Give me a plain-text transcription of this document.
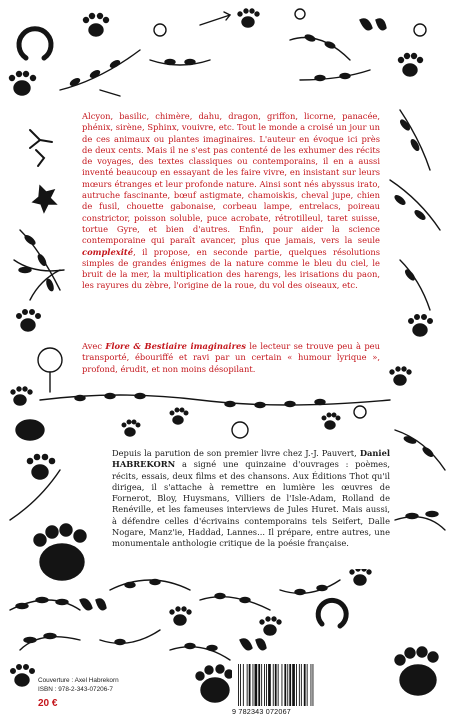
Alcyon, basilic, chimère, dahu, dragon, griffon, licorne, panacée, phénix, sirène, Sphinx, vouivre, etc. Tout le monde a croisé un jour un de ces animaux ou plantes imaginaires. L'auteur en évoque ici près de deux cents. Mais il ne s'est pas contenté de les exhumer des récits de voyages, des textes classiques ou contemporains, il en a aussi inventé beaucoup en essayant de les faire vivre, en insistant sur leurs mœurs étranges et leur profonde nature. Ainsi sont nés abyssus irato, autruche fascinante, bœuf astigmate, chamoiskis, cheval jupe, chien de fusil, chouette gabonaise, corbeau lampe, entrelacs, poireau constrictor, poisson soluble, puce acrobate, rétrotilleul, taret suisse, tortue Gyre, et bien d'autres. Enfin, pour aider la science contemporaine qui paraît avancer, plus que jamais, vers la seule complexité, il propose, en seconde partie, quelques résolutions simples de grandes énigmes de la nature comme le bleu du ciel, le bruit de la mer, la multiplication des harengs, les irisations du paon, les rayures du zèbre, l'origine de la roue, du vol des oiseaux, etc.

Avec Flore & Bestiaire imaginaires le lecteur se trouve peu à peu transporté, ébouriffé et ravi par un certain « humour lyrique », profond, érudit, et non moins désopilant.

Depuis la parution de son premier livre chez J.-J. Pauvert, Daniel HABREKORN a signé une quinzaine d'ouvrages : poèmes, récits, essais, deux films et des chansons. Aux Éditions Thot qu'il dirigea, il s'attache à remettre en lumière les œuvres de Fornerot, Bloy, Huysmans, Villiers de l'Isle-Adam, Rolland de Renéville, et les fameuses interviews de Jules Huret. Mais aussi, à défendre celles d'écrivains contemporains tels Seifert, Dalle Nogare, Manz'ie, Haddad, Lannes... Il prépare, entre autres, une monumentale anthologie critique de la poésie française.
Couverture : Axel Habrekorn
ISBN : 978-2-343-07206-7
20 €
9 782343 072067
